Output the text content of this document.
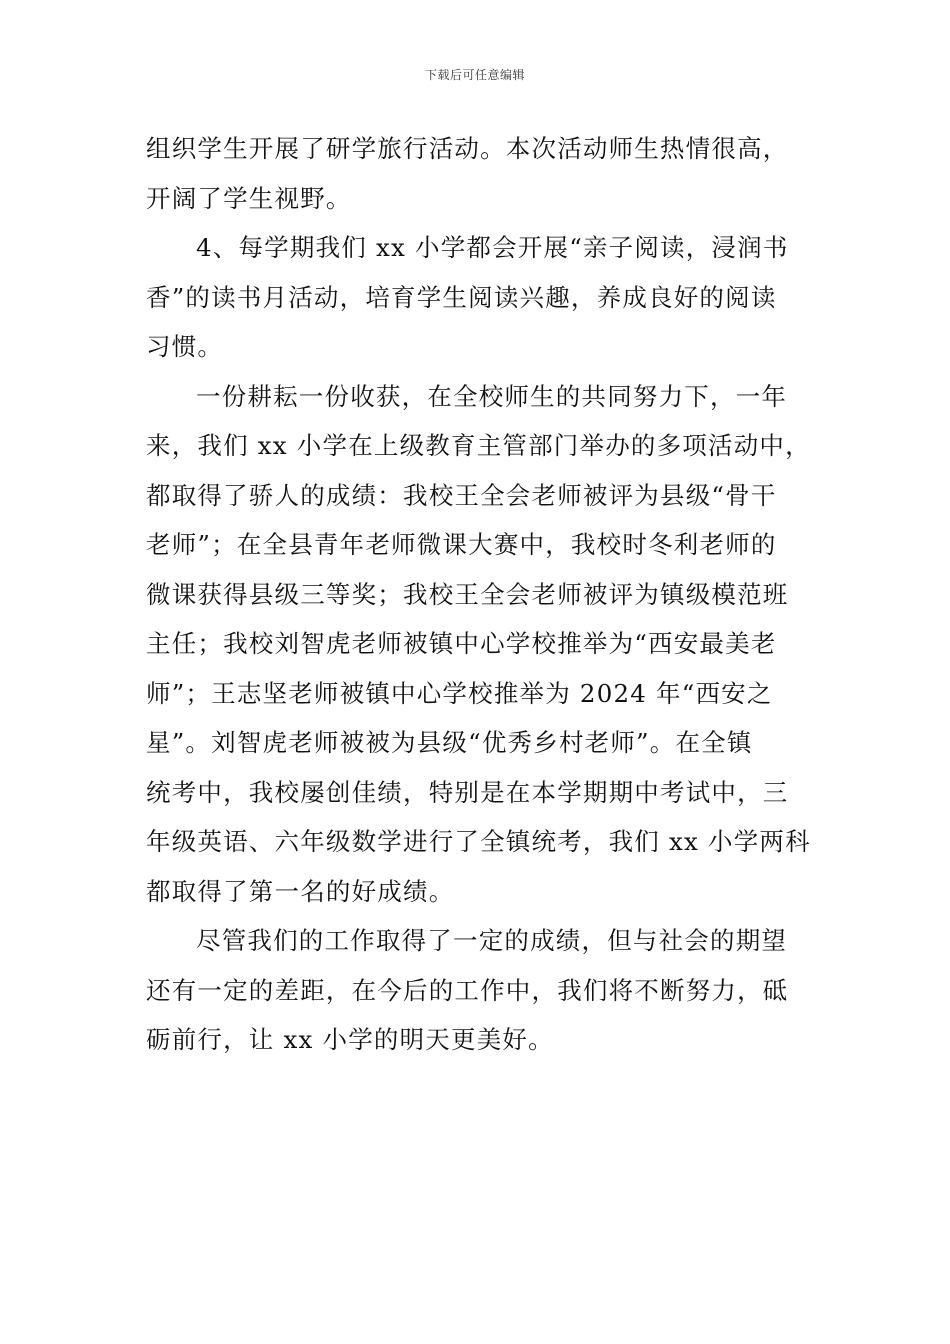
下载后可任意编辑
组织学生开展了研学旅行活动。本次活动师生热情很高，
开阔了学生视野。
4、每学期我们 xx 小学都会开展“亲子阅读，浸润书
香”的读书月活动，培育学生阅读兴趣，养成良好的阅读
习惯。
一份耕耘一份收获，在全校师生的共同努力下，一年
来，我们 xx 小学在上级教育主管部门举办的多项活动中，
都取得了骄人的成绩：我校王全会老师被评为县级“骨干
老师”；在全县青年老师微课大赛中，我校时冬利老师的
微课获得县级三等奖；我校王全会老师被评为镇级模范班
主任；我校刘智虎老师被镇中心学校推举为“西安最美老
师”；王志坚老师被镇中心学校推举为 2024 年“西安之
星”。刘智虎老师被被为县级“优秀乡村老师”。在全镇
统考中，我校屡创佳绩，特别是在本学期期中考试中，三
年级英语、六年级数学进行了全镇统考，我们 xx 小学两科
都取得了第一名的好成绩。
尽管我们的工作取得了一定的成绩，但与社会的期望
还有一定的差距，在今后的工作中，我们将不断努力，砥
砺前行，让 xx 小学的明天更美好。
